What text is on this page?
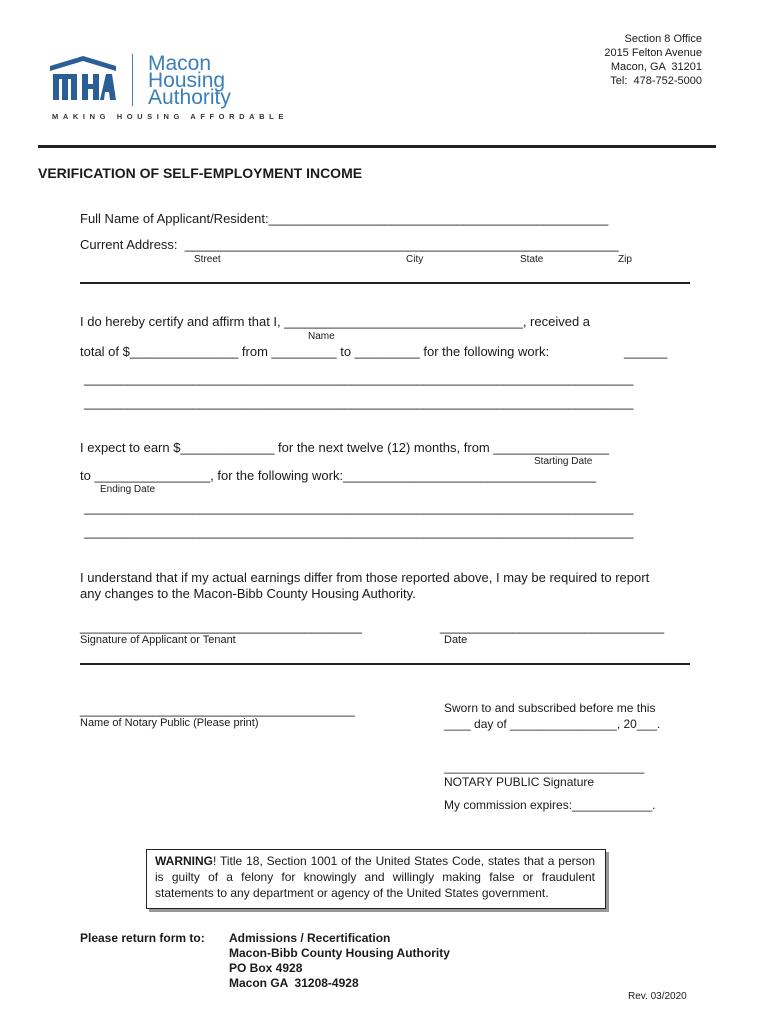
Macon
Housing
Authority
MAKING HOUSING AFFORDABLE
Section 8 Office
2015 Felton Avenue
Macon, GA  31201
Tel:  478-752-5000
VERIFICATION OF SELF-EMPLOYMENT INCOME
Full Name of Applicant/Resident:_______________________________________________
Current Address:  ____________________________________________________________
Street	City	State	Zip
I do hereby certify and affirm that I, _________________________________, received a
Name
total of $_______________ from _________ to _________ for the following work:	______
____________________________________________________________________________
____________________________________________________________________________
I expect to earn $_____________ for the next twelve (12) months, from ________________
Starting Date
to ________________, for the following work:___________________________________
Ending Date
____________________________________________________________________________
____________________________________________________________________________
I understand that if my actual earnings differ from those reported above, I may be required to report
any changes to the Macon-Bibb County Housing Authority.
_______________________________________
Signature of Applicant or Tenant
_______________________________
Date
______________________________________
Name of Notary Public (Please print)
Sworn to and subscribed before me this
____ day of ________________, 20___.
______________________________
NOTARY PUBLIC Signature
My commission expires:____________.
WARNING! Title 18, Section 1001 of the United States Code, states that a person is guilty of a felony for knowingly and willingly making false or fraudulent statements to any department or agency of the United States government.
Please return form to: Admissions / Recertification
Macon-Bibb County Housing Authority
PO Box 4928
Macon GA  31208-4928
Rev. 03/2020
